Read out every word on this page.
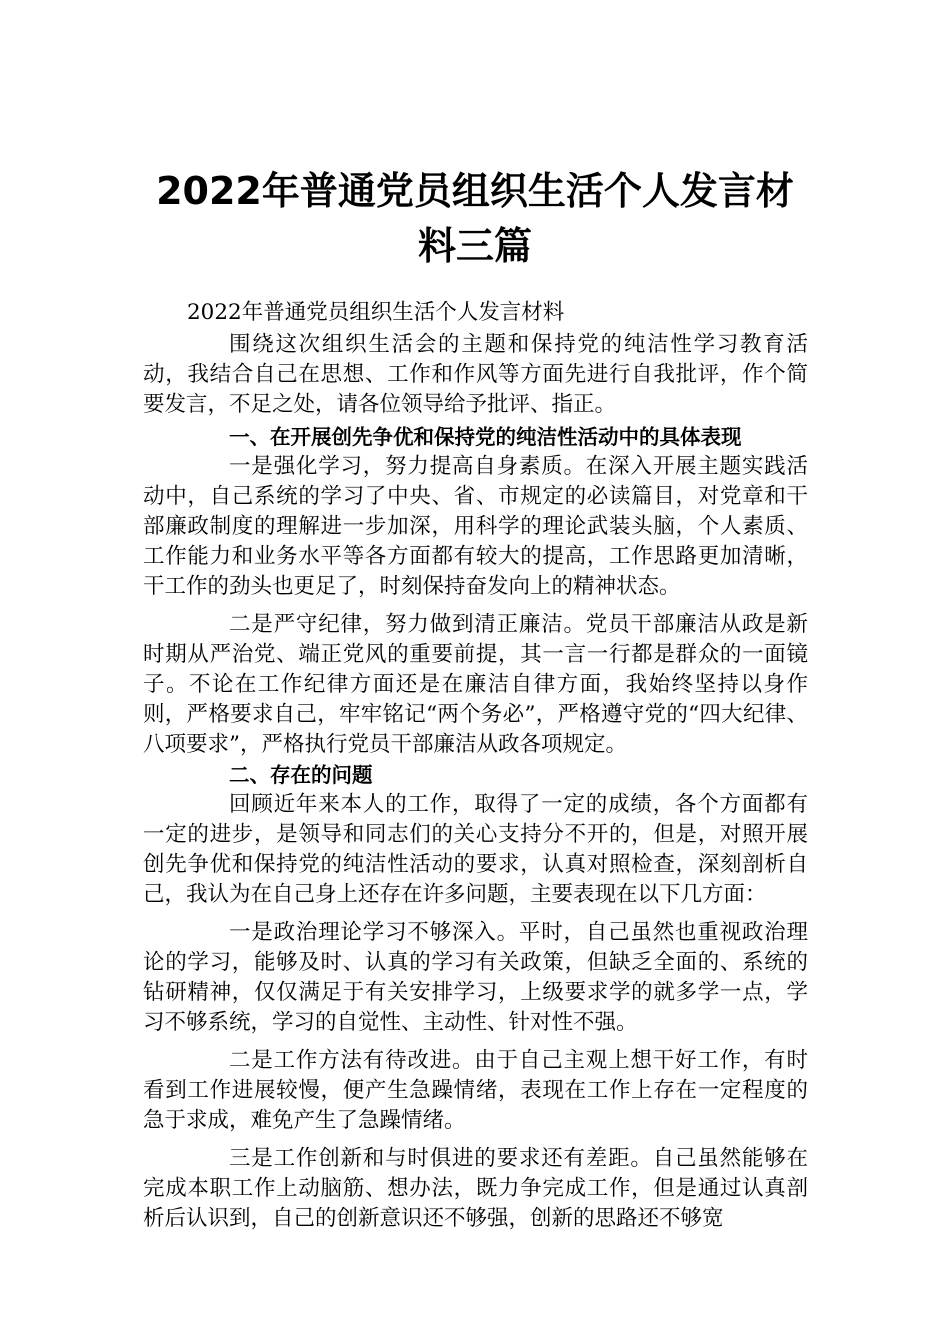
2022年普通党员组织生活个人发言材料三篇

2022年普通党员组织生活个人发言材料

围绕这次组织生活会的主题和保持党的纯洁性学习教育活动，我结合自己在思想、工作和作风等方面先进行自我批评，作个简要发言，不足之处，请各位领导给予批评、指正。

一、在开展创先争优和保持党的纯洁性活动中的具体表现

一是强化学习，努力提高自身素质。在深入开展主题实践活动中，自己系统的学习了中央、省、市规定的必读篇目，对党章和干部廉政制度的理解进一步加深，用科学的理论武装头脑，个人素质、工作能力和业务水平等各方面都有较大的提高，工作思路更加清晰，干工作的劲头也更足了，时刻保持奋发向上的精神状态。

二是严守纪律，努力做到清正廉洁。党员干部廉洁从政是新时期从严治党、端正党风的重要前提，其一言一行都是群众的一面镜子。不论在工作纪律方面还是在廉洁自律方面，我始终坚持以身作则，严格要求自己，牢牢铭记“两个务必”，严格遵守党的“四大纪律、八项要求”，严格执行党员干部廉洁从政各项规定。

二、存在的问题

回顾近年来本人的工作，取得了一定的成绩，各个方面都有一定的进步，是领导和同志们的关心支持分不开的，但是，对照开展创先争优和保持党的纯洁性活动的要求，认真对照检查，深刻剖析自己，我认为在自己身上还存在许多问题，主要表现在以下几方面：

一是政治理论学习不够深入。平时，自己虽然也重视政治理论的学习，能够及时、认真的学习有关政策，但缺乏全面的、系统的钻研精神，仅仅满足于有关安排学习，上级要求学的就多学一点，学习不够系统，学习的自觉性、主动性、针对性不强。

二是工作方法有待改进。由于自己主观上想干好工作，有时看到工作进展较慢，便产生急躁情绪，表现在工作上存在一定程度的急于求成，难免产生了急躁情绪。

三是工作创新和与时俱进的要求还有差距。自己虽然能够在完成本职工作上动脑筋、想办法，既力争完成工作，但是通过认真剖析后认识到，自己的创新意识还不够强，创新的思路还不够宽
